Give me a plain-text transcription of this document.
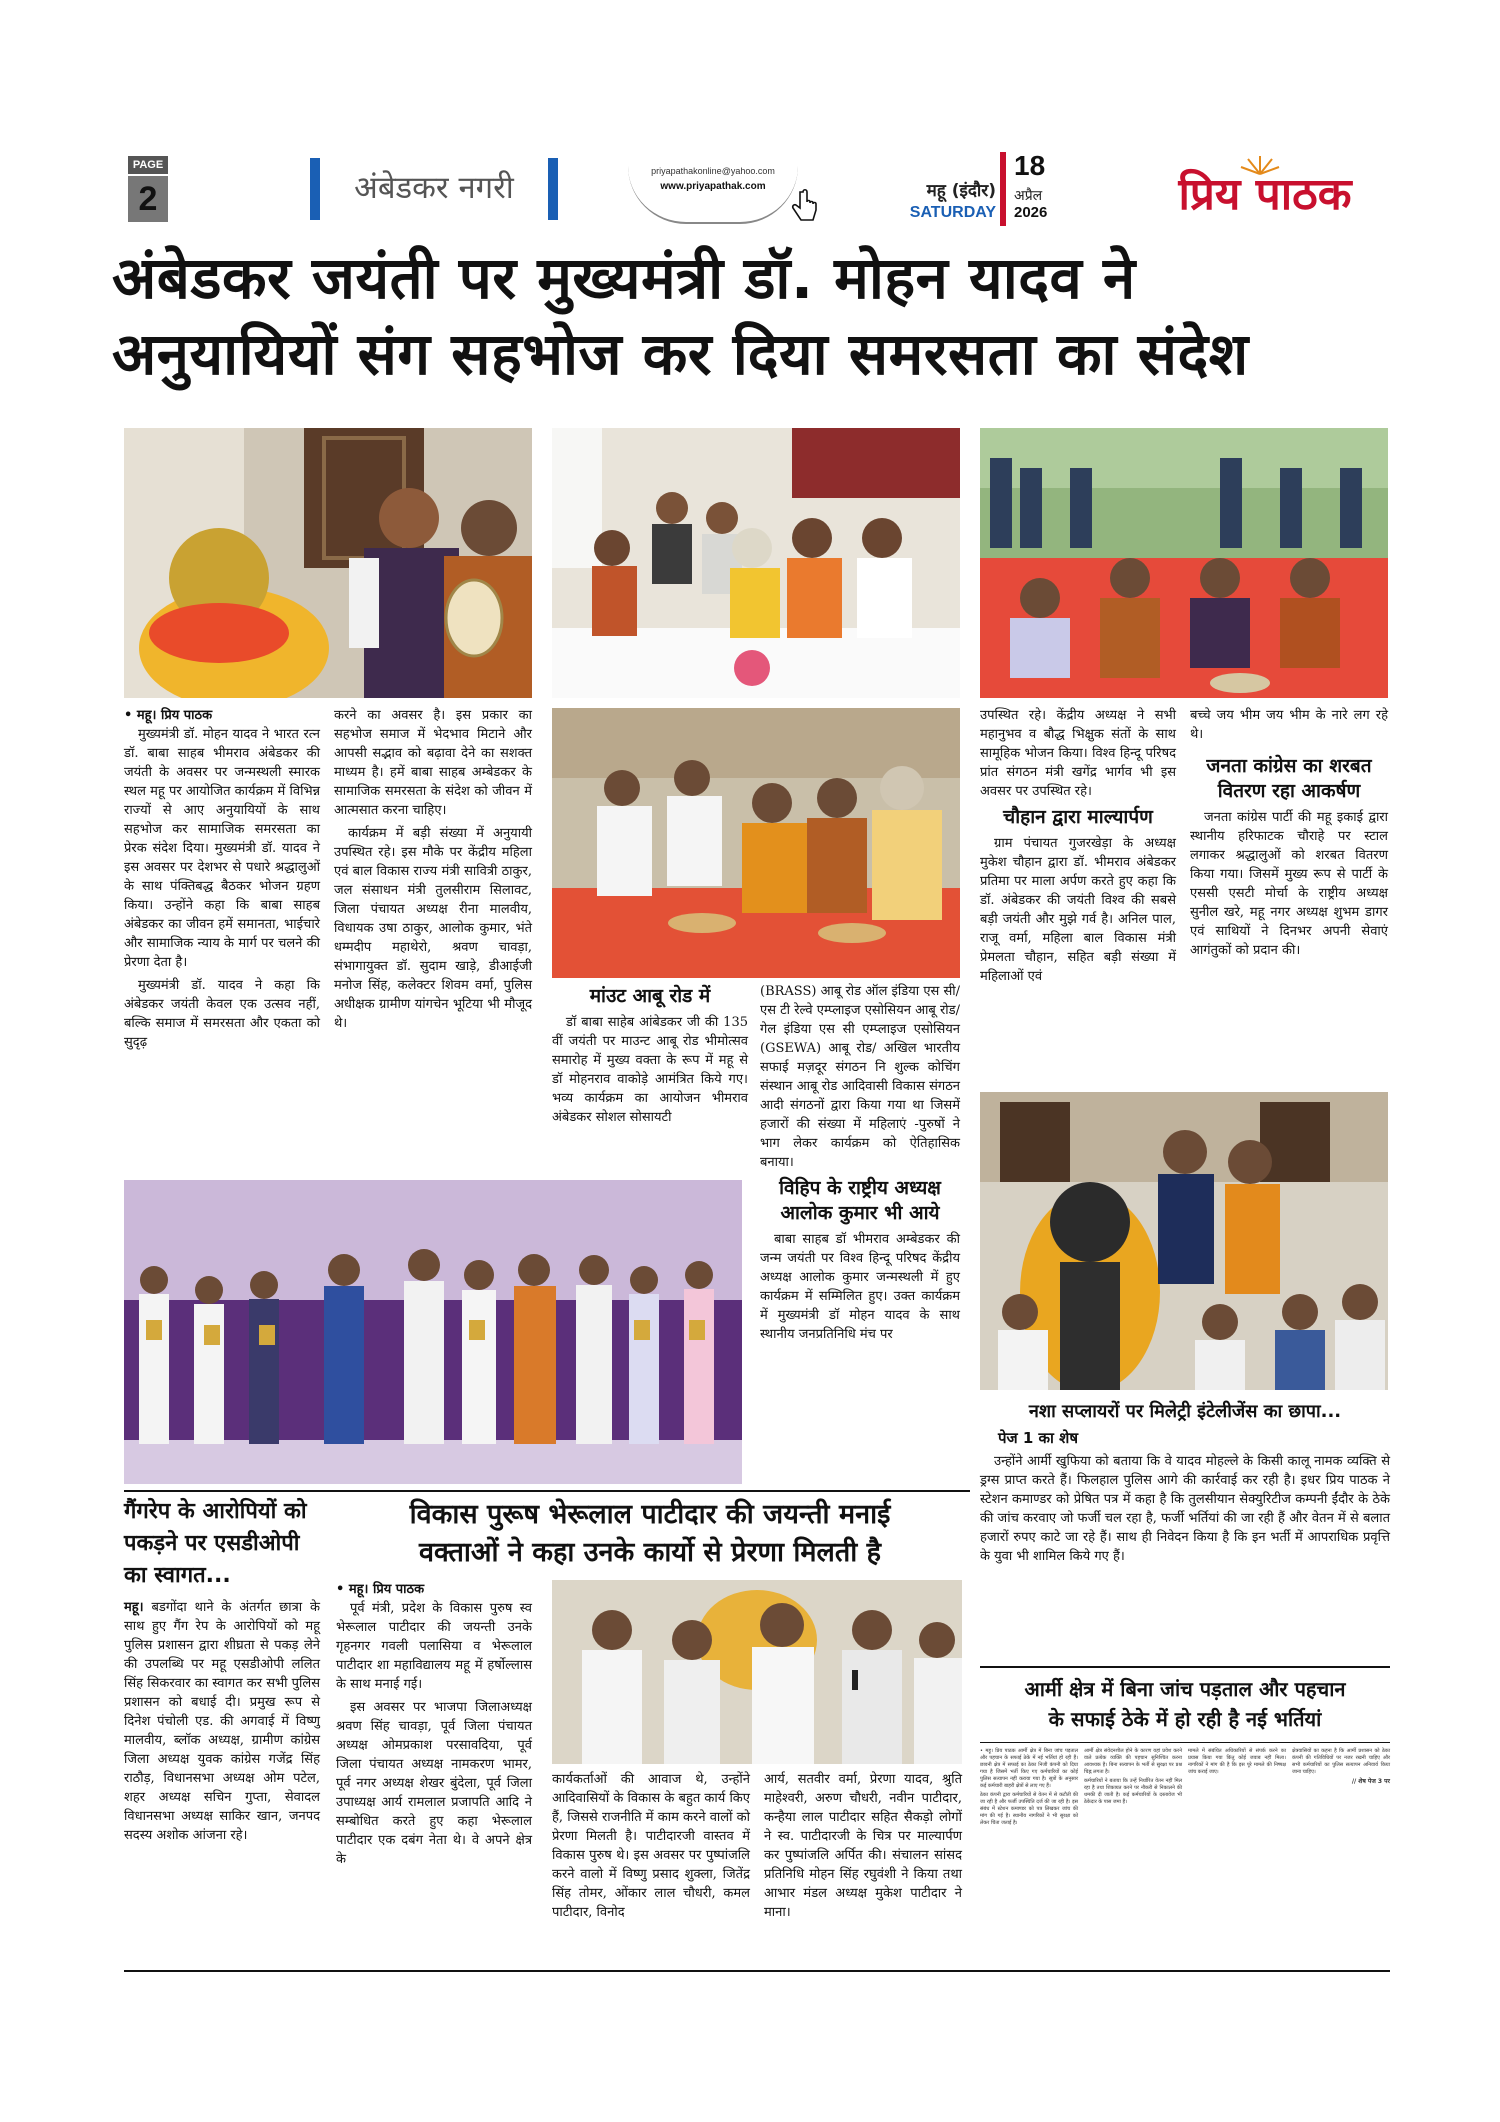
PAGE
2	अंबेडकर नगरी	priyapathakonline@yahoo.com
www.priyapathak.com	महू (इंदौर)
SATURDAY
18
अप्रैल
2026	प्रिय पाठक
अंबेडकर जयंती पर मुख्यमंत्री डॉ. मोहन यादव ने
अनुयायियों संग सहभोज कर दिया समरसता का संदेश
• महू। प्रिय पाठक

मुख्यमंत्री डॉ. मोहन यादव ने भारत रत्न डॉ. बाबा साहब भीमराव अंबेडकर की जयंती के अवसर पर जन्मस्थली स्मारक स्थल महू पर आयोजित कार्यक्रम में विभिन्न राज्यों से आए अनुयायियों के साथ सहभोज कर सामाजिक समरसता का प्रेरक संदेश दिया। मुख्यमंत्री डॉ. यादव ने इस अवसर पर देशभर से पधारे श्रद्धालुओं के साथ पंक्तिबद्ध बैठकर भोजन ग्रहण किया। उन्होंने कहा कि बाबा साहब अंबेडकर का जीवन हमें समानता, भाईचारे और सामाजिक न्याय के मार्ग पर चलने की प्रेरणा देता है।

मुख्यमंत्री डॉ. यादव ने कहा कि अंबेडकर जयंती केवल एक उत्सव नहीं, बल्कि समाज में समरसता और एकता को सुदृढ़

करने का अवसर है। इस प्रकार का सहभोज समाज में भेदभाव मिटाने और आपसी सद्भाव को बढ़ावा देने का सशक्त माध्यम है। हमें बाबा साहब अम्बेडकर के सामाजिक समरसता के संदेश को जीवन में आत्मसात करना चाहिए।

कार्यक्रम में बड़ी संख्या में अनुयायी उपस्थित रहे। इस मौके पर केंद्रीय महिला एवं बाल विकास राज्य मंत्री सावित्री ठाकुर, जल संसाधन मंत्री तुलसीराम सिलावट, जिला पंचायत अध्यक्ष रीना मालवीय, विधायक उषा ठाकुर, आलोक कुमार, भंते धम्मदीप महाथेरो, श्रवण चावड़ा, संभागायुक्त डॉ. सुदाम खाड़े, डीआईजी मनोज सिंह, कलेक्टर शिवम वर्मा, पुलिस अधीक्षक ग्रामीण यांगचेन भूटिया भी मौजूद थे।

मांउट आबू रोड में

डॉ बाबा साहेब आंबेडकर जी की 135 वीं जयंती पर माउन्ट आबू रोड भीमोत्सव समारोह में मुख्य वक्ता के रूप में महू से डॉ मोहनराव वाकोड़े आमंत्रित किये गए। भव्य कार्यक्रम का आयोजन भीमराव अंबेडकर सोशल सोसायटी

उपस्थित रहे। केंद्रीय अध्यक्ष ने सभी महानुभव व बौद्ध भिक्षुक संतों के साथ सामूहिक भोजन किया। विश्व हिन्दू परिषद प्रांत संगठन मंत्री खगेंद्र भार्गव भी इस अवसर पर उपस्थित रहे।

चौहान द्वारा माल्यार्पण

ग्राम पंचायत गुजरखेड़ा के अध्यक्ष मुकेश चौहान द्वारा डॉ. भीमराव अंबेडकर प्रतिमा पर माला अर्पण करते हुए कहा कि डॉ. अंबेडकर की जयंती विश्व की सबसे बड़ी जयंती और मुझे गर्व है। अनिल पाल, राजू वर्मा, महिला बाल विकास मंत्री प्रेमलता चौहान, सहित बड़ी संख्या में महिलाओं एवं

बच्चे जय भीम जय भीम के नारे लग रहे थे।

जनता कांग्रेस का शरबत वितरण रहा आकर्षण

जनता कांग्रेस पार्टी की महू इकाई द्वारा स्थानीय हरिफाटक चौराहे पर स्टाल लगाकर श्रद्धालुओं को शरबत वितरण किया गया। जिसमें मुख्य रूप से पार्टी के एससी एसटी मोर्चा के राष्ट्रीय अध्यक्ष सुनील खरे, महू नगर अध्यक्ष शुभम डागर एवं साथियों ने दिनभर अपनी सेवाएं आगंतुकों को प्रदान की।

(BRASS) आबू रोड ऑल इंडिया एस सी/एस टी रेल्वे एम्प्लाइज एसोसियन आबू रोड/ गेल इंडिया एस सी एम्प्लाइज एसोसियन (GSEWA) आबू रोड/ अखिल भारतीय सफाई मज़दूर संगठन नि शुल्क कोचिंग संस्थान आबू रोड आदिवासी विकास संगठन आदी संगठनों द्वारा किया गया था जिसमें हजारों की संख्या में महिलाएं -पुरुषों ने भाग लेकर कार्यक्रम को ऐतिहासिक बनाया।

विहिप के राष्ट्रीय अध्यक्ष आलोक कुमार भी आये

बाबा साहब डॉ भीमराव अम्बेडकर की जन्म जयंती पर विश्व हिन्दू परिषद केंद्रीय अध्यक्ष आलोक कुमार जन्मस्थली में हुए कार्यक्रम में सम्मिलित हुए। उक्त कार्यक्रम में मुख्यमंत्री डॉ मोहन यादव के साथ स्थानीय जनप्रतिनिधि मंच पर

नशा सप्लायरों पर मिलेट्री इंटेलीजेंस का छापा...
पेज 1 का शेष
उन्होंने आर्मी खुफिया को बताया कि वे यादव मोहल्ले के किसी कालू नामक व्यक्ति से ड्रग्स प्राप्त करते हैं। फिलहाल पुलिस आगे की कार्रवाई कर रही है। इधर प्रिय पाठक ने स्टेशन कमाण्डर को प्रेषित पत्र में कहा है कि तुलसीयान सेक्युरिटीज कम्पनी ईंदौर के ठेके की जांच करवाए जो फर्जी चल रहा है, फर्जी भर्तियां की जा रही हैं और वेतन में से बलात हजारों रुपए काटे जा रहे हैं। साथ ही निवेदन किया है कि इन भर्ती में आपराधिक प्रवृत्ति के युवा भी शामिल किये गए हैं।
गैंगरेप के आरोपियों को पकड़ने पर एसडीओपी का स्वागत...
महू। बडगोंदा थाने के अंतर्गत छात्रा के साथ हुए गैंग रेप के आरोपियों को महू पुलिस प्रशासन द्वारा शीघ्रता से पकड़ लेने की उपलब्धि पर महू एसडीओपी ललित सिंह सिकरवार का स्वागत कर सभी पुलिस प्रशासन को बधाई दी। प्रमुख रूप से दिनेश पंचोली एड. की अगवाई में विष्णु मालवीय, ब्लॉक अध्यक्ष, ग्रामीण कांग्रेस जिला अध्यक्ष युवक कांग्रेस गजेंद्र सिंह राठौड़, विधानसभा अध्यक्ष ओम पटेल, शहर अध्यक्ष सचिन गुप्ता, सेवादल विधानसभा अध्यक्ष साकिर खान, जनपद सदस्य अशोक आंजना रहे।
विकास पुरूष भेरूलाल पाटीदार की जयन्ती मनाई
वक्ताओं ने कहा उनके कार्यो से प्रेरणा मिलती है
• महू। प्रिय पाठक

पूर्व मंत्री, प्रदेश के विकास पुरुष स्व भेरूलाल पाटीदार की जयन्ती उनके गृहनगर गवली पलासिया व भेरूलाल पाटीदार शा महाविद्यालय महू में हर्षोल्लास के साथ मनाई गई।

इस अवसर पर भाजपा जिलाअध्यक्ष श्रवण सिंह चावड़ा, पूर्व जिला पंचायत अध्यक्ष ओमप्रकाश परसावदिया, पूर्व जिला पंचायत अध्यक्ष नामकरण भामर, पूर्व नगर अध्यक्ष शेखर बुंदेला, पूर्व जिला उपाध्यक्ष आर्य रामलाल प्रजापति आदि ने सम्बोधित करते हुए कहा भेरूलाल पाटीदार एक दबंग नेता थे। वे अपने क्षेत्र के

कार्यकर्ताओं की आवाज थे, उन्होंने आदिवासियों के विकास के बहुत कार्य किए हैं, जिससे राजनीति में काम करने वालों को प्रेरणा मिलती है। पाटीदारजी वास्तव में विकास पुरुष थे। इस अवसर पर पुष्पांजलि करने वालो में विष्णु प्रसाद शुक्ला, जितेंद्र सिंह तोमर, ओंकार लाल चौधरी, कमल पाटीदार, विनोद

आर्य, सतवीर वर्मा, प्रेरणा यादव, श्रुति माहेश्वरी, अरुण चौधरी, नवीन पाटीदार, कन्हैया लाल पाटीदार सहित सैकड़ो लोगों ने स्व. पाटीदारजी के चित्र पर माल्यार्पण कर पुष्पांजलि अर्पित की। संचालन सांसद प्रतिनिधि मोहन सिंह रघुवंशी ने किया तथा आभार मंडल अध्यक्ष मुकेश पाटीदार ने माना।

आर्मी क्षेत्र में बिना जांच पड़ताल और पहचान
के सफाई ठेके में हो रही है नई भर्तियां

• महू। प्रिय पाठक आर्मी क्षेत्र में बिना जांच पड़ताल और पहचान के सफाई ठेके में नई भर्तियां हो रही हैं। छावनी क्षेत्र में सफाई का ठेका निजी कंपनी को दिया गया है जिसमें भर्ती किए गए कर्मचारियों का कोई पुलिस सत्यापन नहीं कराया गया है। सूत्रों के अनुसार कई कर्मचारी बाहरी क्षेत्रों से लाए गए हैं।

ठेका कंपनी द्वारा कर्मचारियों से वेतन में से कटौती की जा रही है और फर्जी उपस्थिति दर्ज की जा रही है। इस संबंध में स्टेशन कमाण्डर को पत्र लिखकर जांच की मांग की गई है। स्थानीय नागरिकों ने भी सुरक्षा को लेकर चिंता जताई है।

आर्मी क्षेत्र संवेदनशील होने के कारण यहां प्रवेश करने वाले प्रत्येक व्यक्ति की पहचान सुनिश्चित करना आवश्यक है। बिना सत्यापन के भर्ती से सुरक्षा पर प्रश्न चिह्न लगता है।

कर्मचारियों ने बताया कि उन्हें निर्धारित वेतन नहीं मिल रहा है तथा शिकायत करने पर नौकरी से निकालने की धमकी दी जाती है। कई कर्मचारियों के दस्तावेज भी ठेकेदार के पास जमा हैं।

मामले में संबंधित अधिकारियों से संपर्क करने का प्रयास किया गया किंतु कोई जवाब नहीं मिला। नागरिकों ने मांग की है कि इस पूरे मामले की निष्पक्ष जांच कराई जाए।

क्षेत्रवासियों का कहना है कि आर्मी प्रशासन को ठेका कंपनी की गतिविधियों पर नजर रखनी चाहिए और सभी कर्मचारियों का पुलिस सत्यापन अनिवार्य किया जाना चाहिए।

// शेष पेज 3 पर
